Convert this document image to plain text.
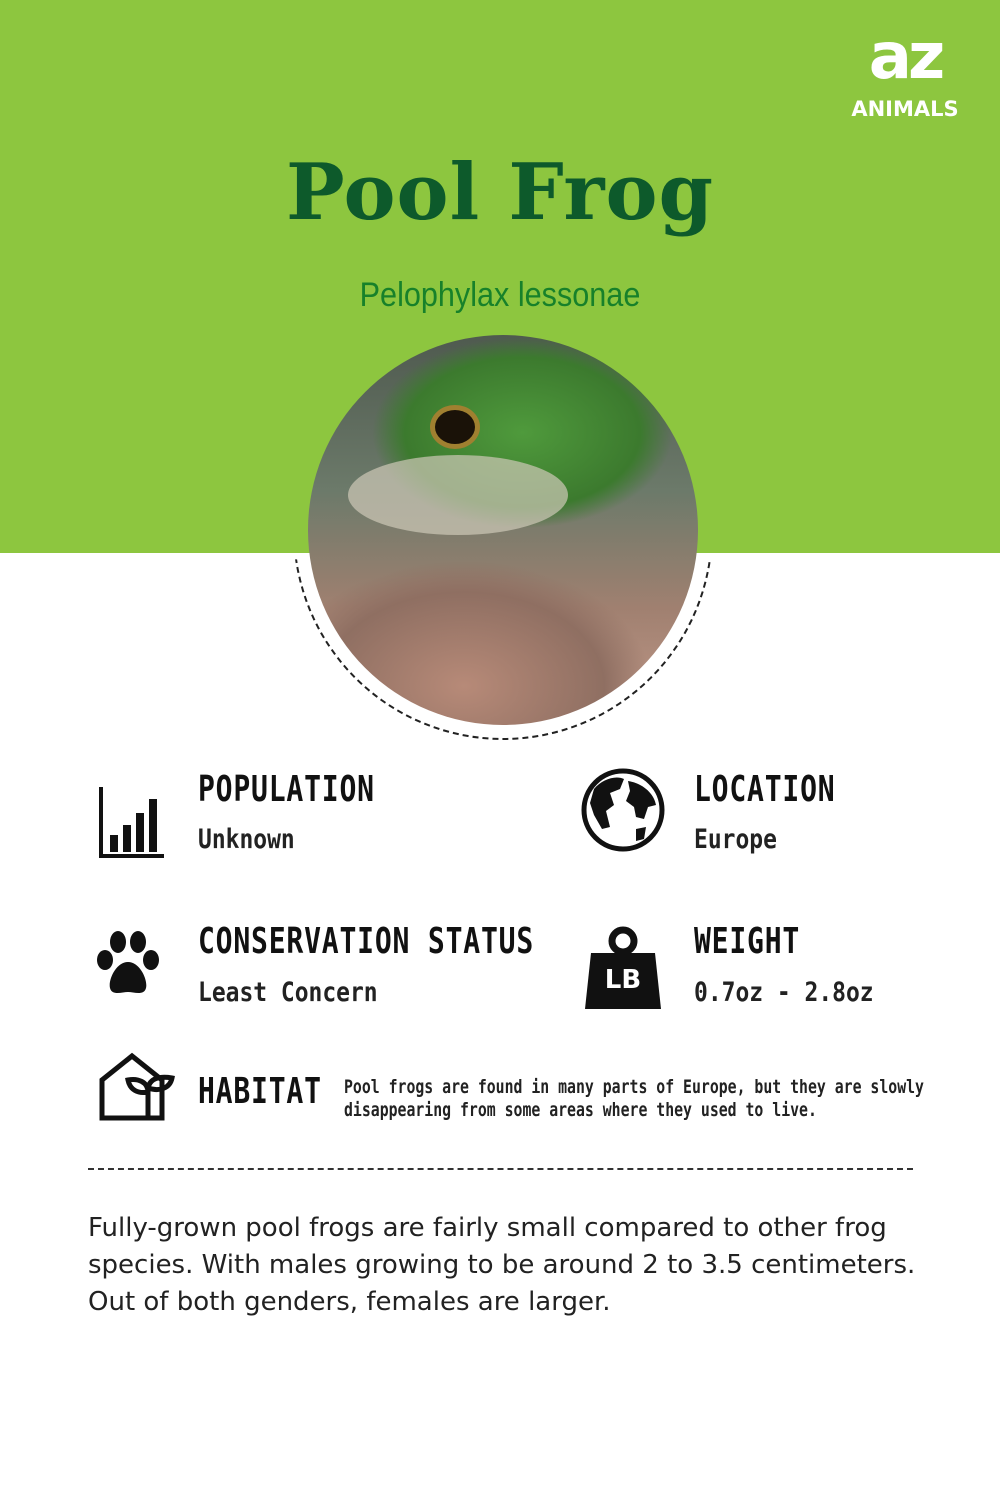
az
ANIMALS
Pool Frog
Pelophylax lessonae
POPULATION
Unknown
LOCATION
Europe
CONSERVATION STATUS
Least Concern	LB
WEIGHT
0.7oz - 2.8oz
HABITAT Pool frogs are found in many parts of Europe, but they are slowly disappearing from some areas where they used to live.
Fully-grown pool frogs are fairly small compared to other frog species. With males growing to be around 2 to 3.5 centimeters. Out of both genders, females are larger.
